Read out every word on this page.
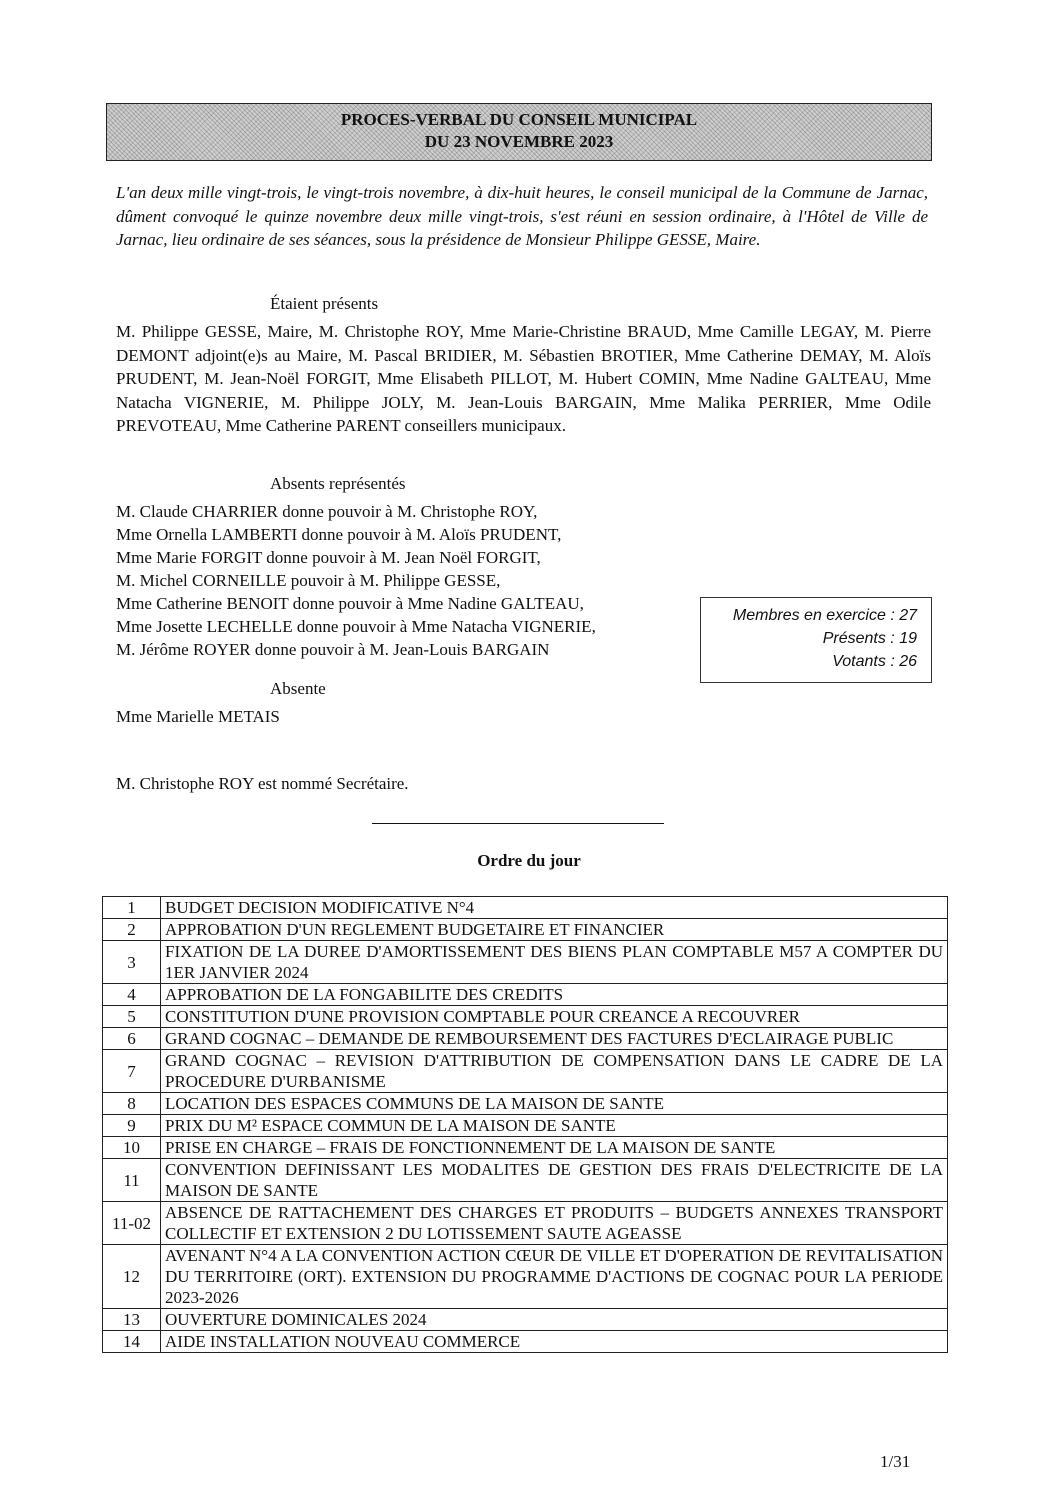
PROCES-VERBAL DU CONSEIL MUNICIPAL
DU 23 NOVEMBRE 2023
L'an deux mille vingt-trois, le vingt-trois novembre, à dix-huit heures, le conseil municipal de la Commune de Jarnac, dûment convoqué le quinze novembre deux mille vingt-trois, s'est réuni en session ordinaire, à l'Hôtel de Ville de Jarnac, lieu ordinaire de ses séances, sous la présidence de Monsieur Philippe GESSE, Maire.
Étaient présents
M. Philippe GESSE, Maire, M. Christophe ROY, Mme Marie-Christine BRAUD, Mme Camille LEGAY, M. Pierre DEMONT adjoint(e)s au Maire, M. Pascal BRIDIER, M. Sébastien BROTIER, Mme Catherine DEMAY, M. Aloïs PRUDENT, M. Jean-Noël FORGIT, Mme Elisabeth PILLOT, M. Hubert COMIN, Mme Nadine GALTEAU, Mme Natacha VIGNERIE, M. Philippe JOLY, M. Jean-Louis BARGAIN, Mme Malika PERRIER, Mme Odile PREVOTEAU, Mme Catherine PARENT conseillers municipaux.
Absents représentés
M. Claude CHARRIER donne pouvoir à M. Christophe ROY,
Mme Ornella LAMBERTI donne pouvoir à M. Aloïs PRUDENT,
Mme Marie FORGIT donne pouvoir à M. Jean Noël FORGIT,
M. Michel CORNEILLE pouvoir à M. Philippe GESSE,
Mme Catherine BENOIT donne pouvoir à Mme Nadine GALTEAU,
Mme Josette LECHELLE donne pouvoir à Mme Natacha VIGNERIE,
M. Jérôme ROYER donne pouvoir à M. Jean-Louis BARGAIN
Membres en exercice : 27
Présents : 19
Votants : 26
Absente
Mme Marielle METAIS
M. Christophe ROY est nommé Secrétaire.
Ordre du jour
1	BUDGET DECISION MODIFICATIVE N°4
2	APPROBATION D'UN REGLEMENT BUDGETAIRE ET FINANCIER
3	FIXATION DE LA DUREE D'AMORTISSEMENT DES BIENS PLAN COMPTABLE M57 A COMPTER DU 1ER JANVIER 2024
4	APPROBATION DE LA FONGABILITE DES CREDITS
5	CONSTITUTION D'UNE PROVISION COMPTABLE POUR CREANCE A RECOUVRER
6	GRAND COGNAC – DEMANDE DE REMBOURSEMENT DES FACTURES D'ECLAIRAGE PUBLIC
7	GRAND COGNAC – REVISION D'ATTRIBUTION DE COMPENSATION DANS LE CADRE DE LA PROCEDURE D'URBANISME
8	LOCATION DES ESPACES COMMUNS DE LA MAISON DE SANTE
9	PRIX DU M² ESPACE COMMUN DE LA MAISON DE SANTE
10	PRISE EN CHARGE – FRAIS DE FONCTIONNEMENT DE LA MAISON DE SANTE
11	CONVENTION DEFINISSANT LES MODALITES DE GESTION DES FRAIS D'ELECTRICITE DE LA MAISON DE SANTE
11-02	ABSENCE DE RATTACHEMENT DES CHARGES ET PRODUITS – BUDGETS ANNEXES TRANSPORT COLLECTIF ET EXTENSION 2 DU LOTISSEMENT SAUTE AGEASSE
12	AVENANT N°4 A LA CONVENTION ACTION CŒUR DE VILLE ET D'OPERATION DE REVITALISATION DU TERRITOIRE (ORT). EXTENSION DU PROGRAMME D'ACTIONS DE COGNAC POUR LA PERIODE 2023-2026
13	OUVERTURE DOMINICALES 2024
14	AIDE INSTALLATION NOUVEAU COMMERCE
1/31
